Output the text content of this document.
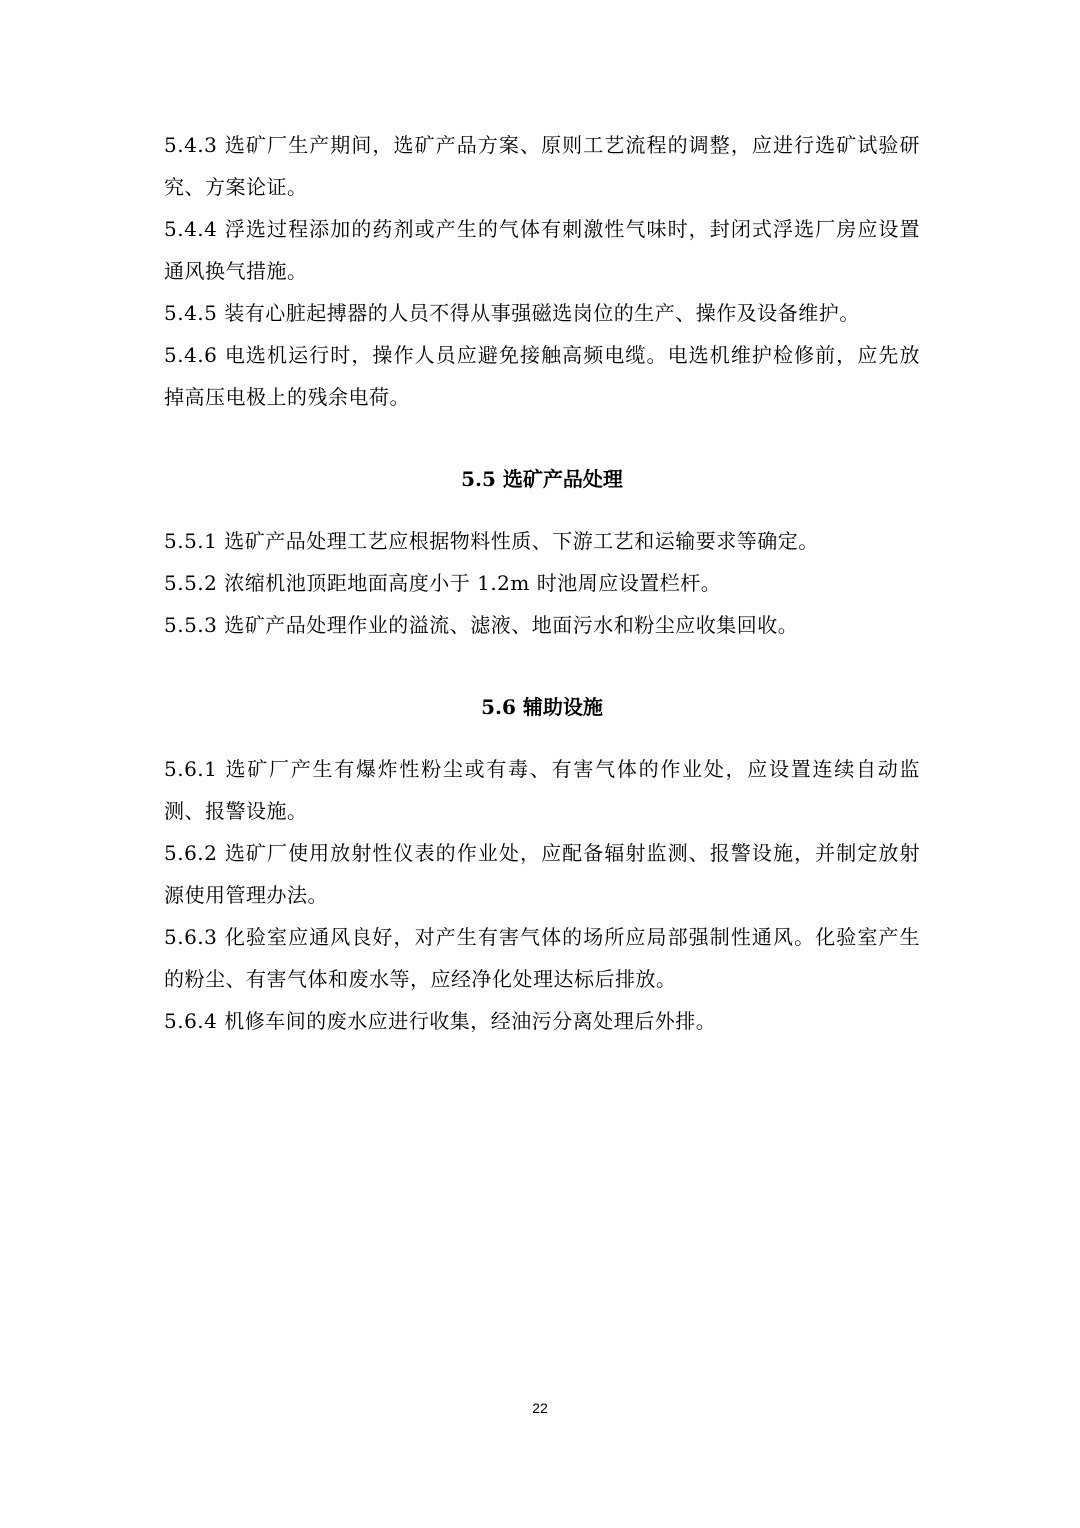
5.4.3 选矿厂生产期间，选矿产品方案、原则工艺流程的调整，应进行选矿试验研究、方案论证。

5.4.4 浮选过程添加的药剂或产生的气体有刺激性气味时，封闭式浮选厂房应设置通风换气措施。

5.4.5 装有心脏起搏器的人员不得从事强磁选岗位的生产、操作及设备维护。

5.4.6 电选机运行时，操作人员应避免接触高频电缆。电选机维护检修前，应先放掉高压电极上的残余电荷。

5.5 选矿产品处理

5.5.1 选矿产品处理工艺应根据物料性质、下游工艺和运输要求等确定。

5.5.2 浓缩机池顶距地面高度小于 1.2m 时池周应设置栏杆。

5.5.3 选矿产品处理作业的溢流、滤液、地面污水和粉尘应收集回收。

5.6 辅助设施

5.6.1 选矿厂产生有爆炸性粉尘或有毒、有害气体的作业处，应设置连续自动监测、报警设施。

5.6.2 选矿厂使用放射性仪表的作业处，应配备辐射监测、报警设施，并制定放射源使用管理办法。

5.6.3 化验室应通风良好，对产生有害气体的场所应局部强制性通风。化验室产生的粉尘、有害气体和废水等，应经净化处理达标后排放。

5.6.4 机修车间的废水应进行收集，经油污分离处理后外排。

22
